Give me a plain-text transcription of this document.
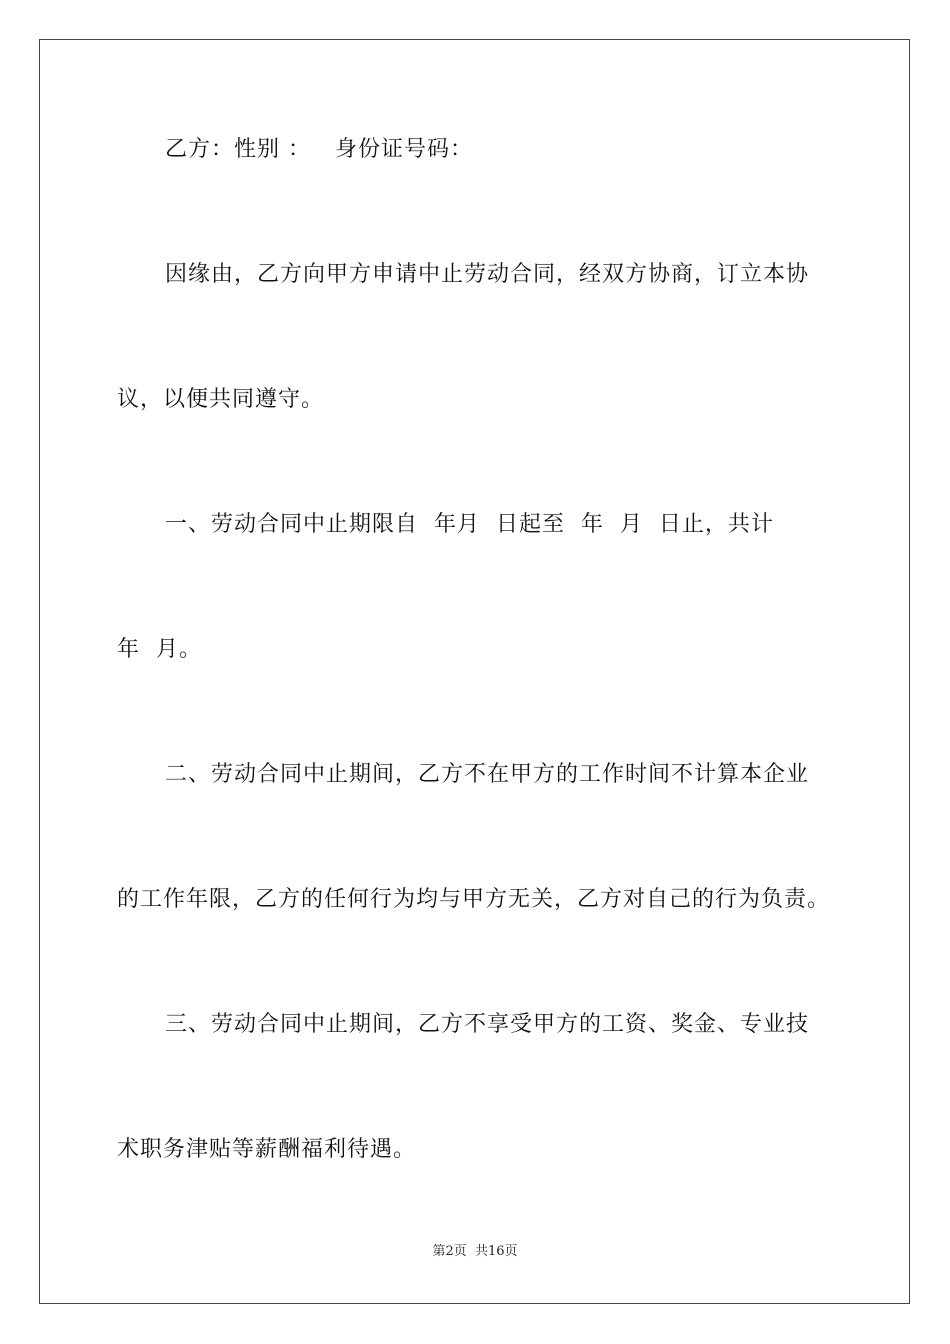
乙方：性别 ：   身份证号码：
因缘由，乙方向甲方申请中止劳动合同，经双方协商，订立本协
议，以便共同遵守。
一、劳动合同中止期限自  年月  日起至  年  月  日止，共计
年  月。
二、劳动合同中止期间，乙方不在甲方的工作时间不计算本企业
的工作年限，乙方的任何行为均与甲方无关，乙方对自己的行为负责。
三、劳动合同中止期间，乙方不享受甲方的工资、奖金、专业技
术职务津贴等薪酬福利待遇。
第2页  共16页
